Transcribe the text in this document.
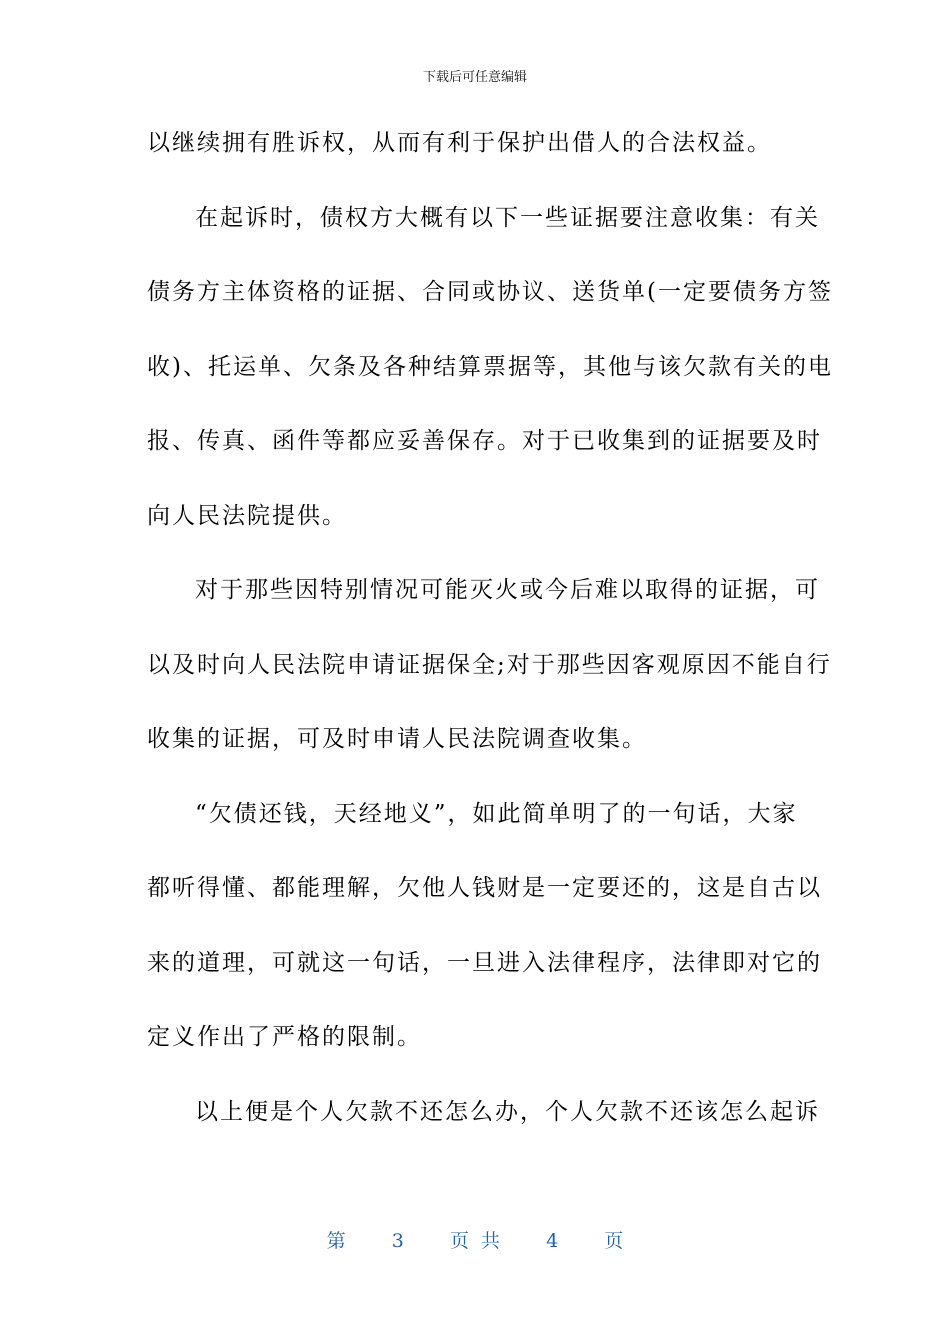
下载后可任意编辑
以继续拥有胜诉权，从而有利于保护出借人的合法权益。
在起诉时，债权方大概有以下一些证据要注意收集：有关
债务方主体资格的证据、合同或协议、送货单(一定要债务方签
收)、托运单、欠条及各种结算票据等，其他与该欠款有关的电
报、传真、函件等都应妥善保存。对于已收集到的证据要及时
向人民法院提供。
对于那些因特别情况可能灭火或今后难以取得的证据，可
以及时向人民法院申请证据保全;对于那些因客观原因不能自行
收集的证据，可及时申请人民法院调查收集。
“欠债还钱，天经地义”，如此简单明了的一句话，大家
都听得懂、都能理解，欠他人钱财是一定要还的，这是自古以
来的道理，可就这一句话，一旦进入法律程序，法律即对它的
定义作出了严格的限制。
以上便是个人欠款不还怎么办，个人欠款不还该怎么起诉
第 3 页 共 4 页
